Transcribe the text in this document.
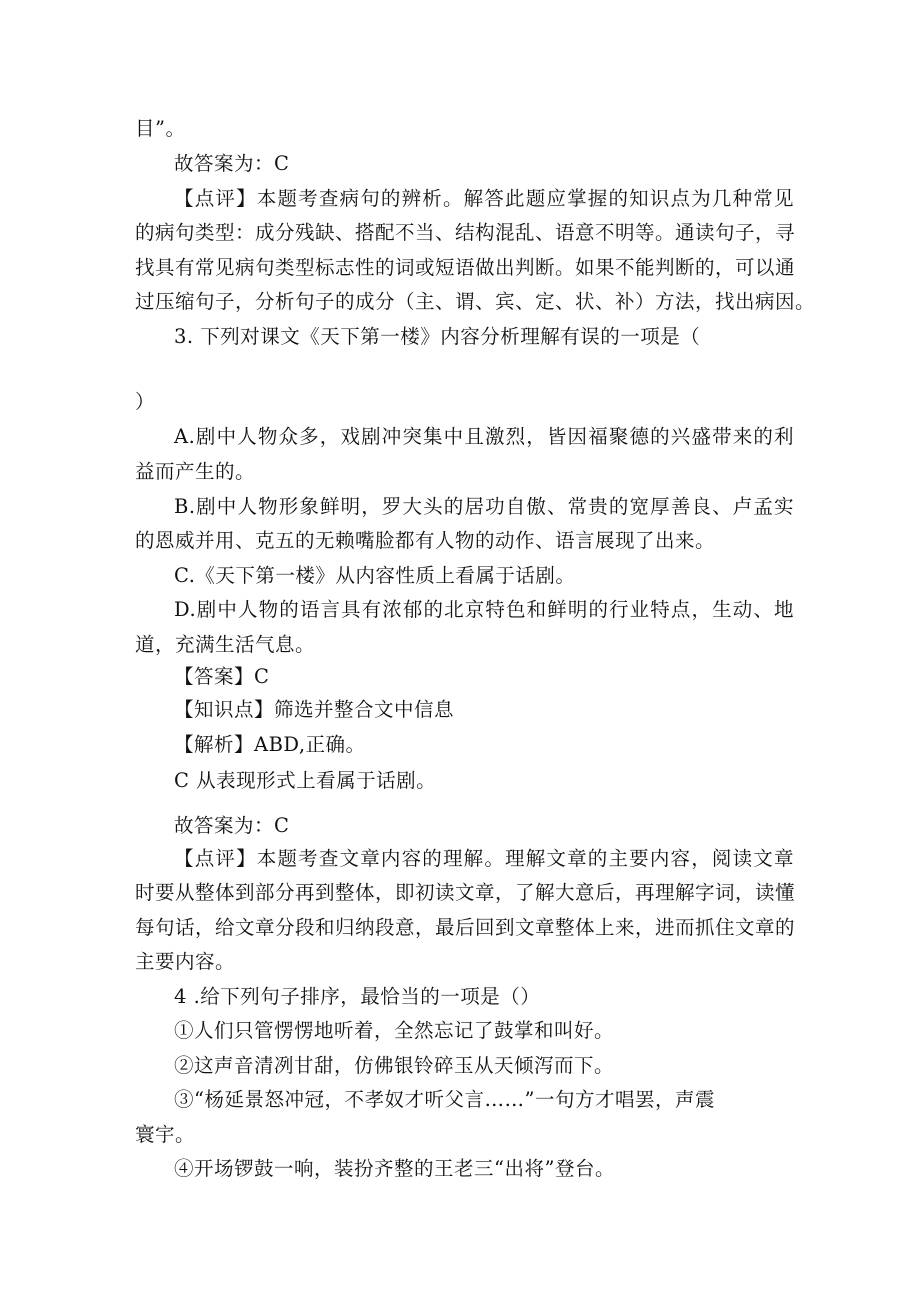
目”。
故答案为：C
【点评】本题考查病句的辨析。解答此题应掌握的知识点为几种常见
的病句类型：成分残缺、搭配不当、结构混乱、语意不明等。通读句子，寻
找具有常见病句类型标志性的词或短语做出判断。如果不能判断的，可以通
过压缩句子，分析句子的成分（主、谓、宾、定、状、补）方法，找出病因。
3. 下列对课文《天下第一楼》内容分析理解有误的一项是（
）
A.剧中人物众多，戏剧冲突集中且激烈，皆因福聚德的兴盛带来的利
益而产生的。
B.剧中人物形象鲜明，罗大头的居功自傲、常贵的宽厚善良、卢孟实
的恩威并用、克五的无赖嘴脸都有人物的动作、语言展现了出来。
C.《天下第一楼》从内容性质上看属于话剧。
D.剧中人物的语言具有浓郁的北京特色和鲜明的行业特点，生动、地
道，充满生活气息。
【答案】C
【知识点】筛选并整合文中信息
【解析】ABD,正确。
C 从表现形式上看属于话剧。
故答案为：C
【点评】本题考查文章内容的理解。理解文章的主要内容，阅读文章
时要从整体到部分再到整体，即初读文章，了解大意后，再理解字词，读懂
每句话，给文章分段和归纳段意，最后回到文章整体上来，进而抓住文章的
主要内容。
4 .给下列句子排序，最恰当的一项是（）
①人们只管愣愣地听着，全然忘记了鼓掌和叫好。
②这声音清冽甘甜，仿佛银铃碎玉从天倾泻而下。
③“杨延景怒冲冠，不孝奴才听父言……”一句方才唱罢，声震
寰宇。
④开场锣鼓一响，装扮齐整的王老三“出将”登台。
